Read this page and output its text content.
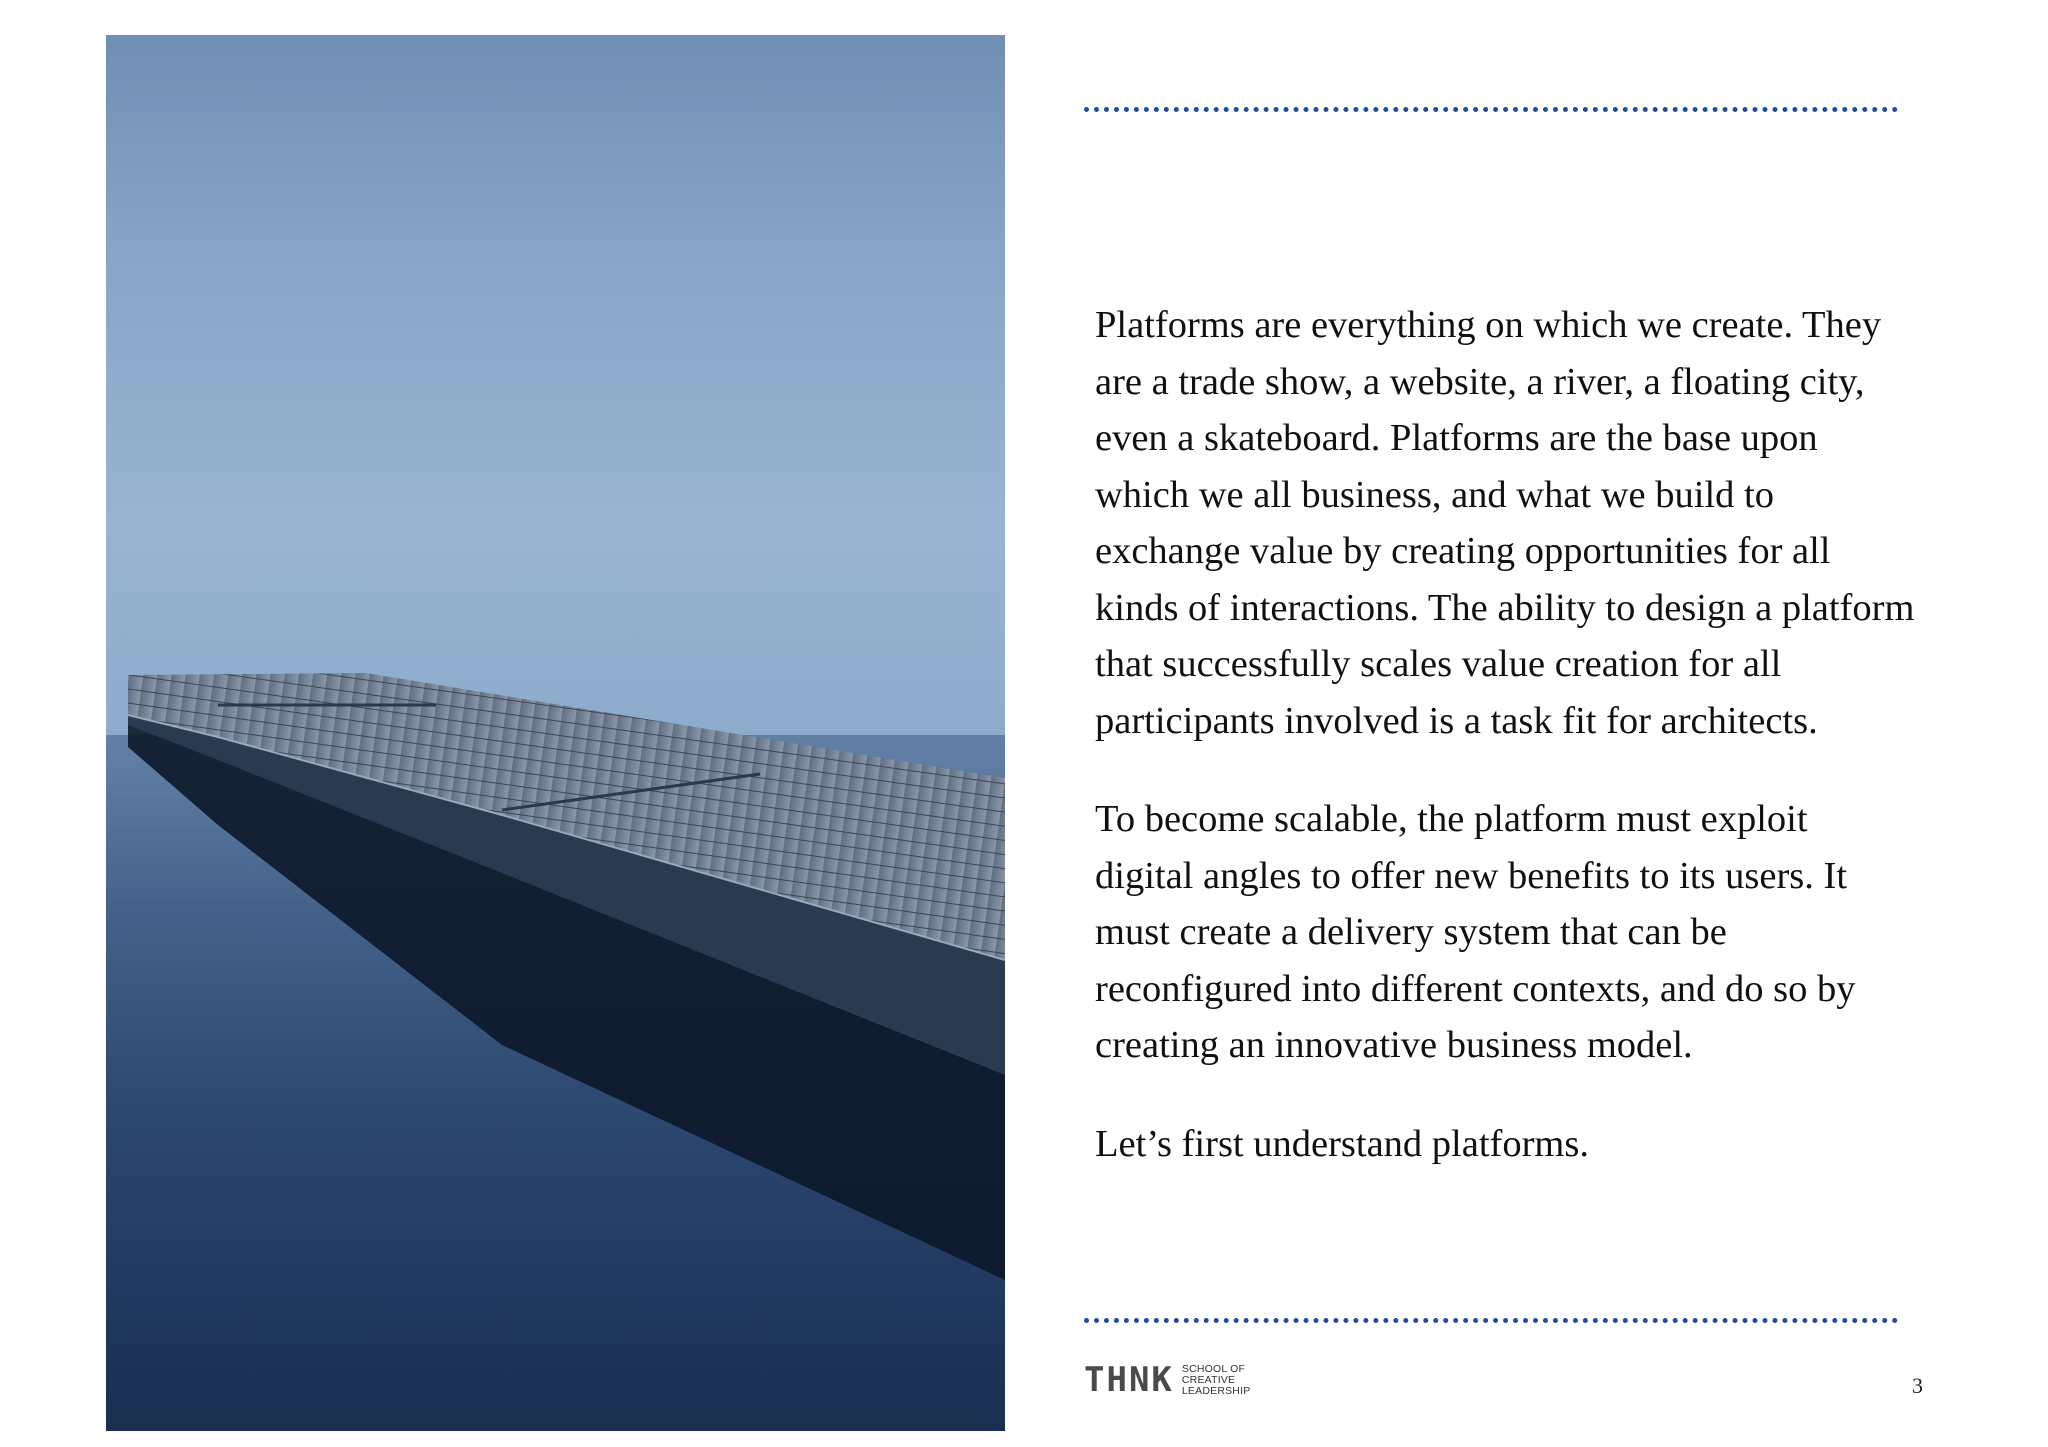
Platforms are everything on which we create. They are a trade show, a website, a river, a floating city, even a skateboard. Platforms are the base upon which we all business, and what we build to exchange value by creating opportunities for all kinds of interactions. The ability to design a platform that successfully scales value creation for all participants involved is a task fit for architects.

To become scalable, the platform must exploit digital angles to offer new benefits to its users. It must create a delivery system that can be reconfigured into different contexts, and do so by creating an innovative business model.

Let’s first understand platforms.

THNK SCHOOL OF
CREATIVE
LEADERSHIP	3
